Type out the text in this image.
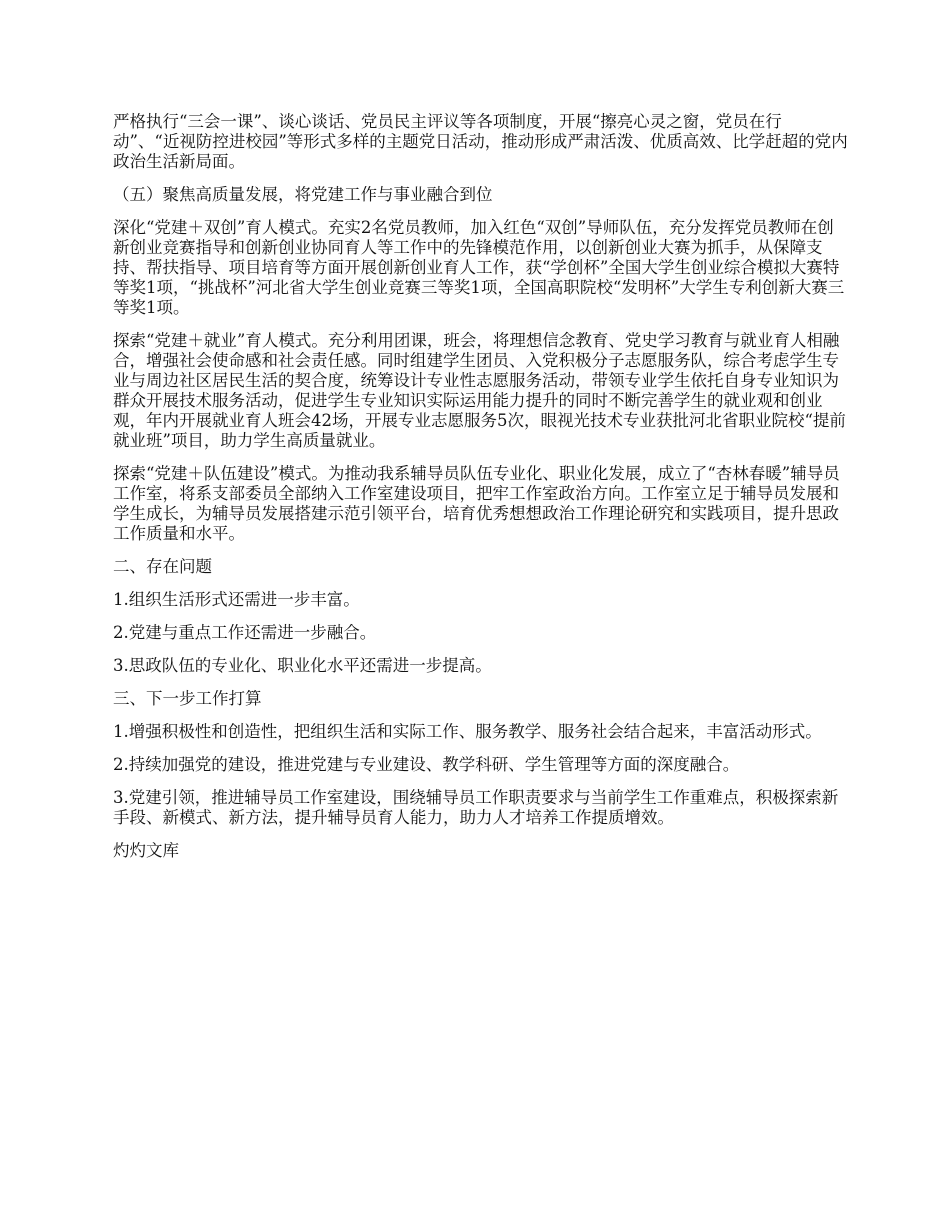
严格执行“三会一课”、谈心谈话、党员民主评议等各项制度，开展“擦亮心灵之窗，党员在行动”、“近视防控进校园”等形式多样的主题党日活动，推动形成严肃活泼、优质高效、比学赶超的党内政治生活新局面。

（五）聚焦高质量发展，将党建工作与事业融合到位

深化“党建＋双创”育人模式。充实2名党员教师，加入红色“双创”导师队伍，充分发挥党员教师在创新创业竞赛指导和创新创业协同育人等工作中的先锋模范作用，以创新创业大赛为抓手，从保障支持、帮扶指导、项目培育等方面开展创新创业育人工作，获“学创杯”全国大学生创业综合模拟大赛特等奖1项，“挑战杯”河北省大学生创业竞赛三等奖1项，全国高职院校“发明杯”大学生专利创新大赛三等奖1项。

探索“党建＋就业”育人模式。充分利用团课，班会，将理想信念教育、党史学习教育与就业育人相融合，增强社会使命感和社会责任感。同时组建学生团员、入党积极分子志愿服务队，综合考虑学生专业与周边社区居民生活的契合度，统筹设计专业性志愿服务活动，带领专业学生依托自身专业知识为群众开展技术服务活动，促进学生专业知识实际运用能力提升的同时不断完善学生的就业观和创业观，年内开展就业育人班会42场，开展专业志愿服务5次，眼视光技术专业获批河北省职业院校“提前就业班”项目，助力学生高质量就业。

探索“党建＋队伍建设”模式。为推动我系辅导员队伍专业化、职业化发展，成立了“杏林春暖”辅导员工作室，将系支部委员全部纳入工作室建设项目，把牢工作室政治方向。工作室立足于辅导员发展和学生成长，为辅导员发展搭建示范引领平台，培育优秀想想政治工作理论研究和实践项目，提升思政工作质量和水平。

二、存在问题

1.组织生活形式还需进一步丰富。

2.党建与重点工作还需进一步融合。

3.思政队伍的专业化、职业化水平还需进一步提高。

三、下一步工作打算

1.增强积极性和创造性，把组织生活和实际工作、服务教学、服务社会结合起来，丰富活动形式。

2.持续加强党的建设，推进党建与专业建设、教学科研、学生管理等方面的深度融合。

3.党建引领，推进辅导员工作室建设，围绕辅导员工作职责要求与当前学生工作重难点，积极探索新手段、新模式、新方法，提升辅导员育人能力，助力人才培养工作提质增效。

灼灼文库
